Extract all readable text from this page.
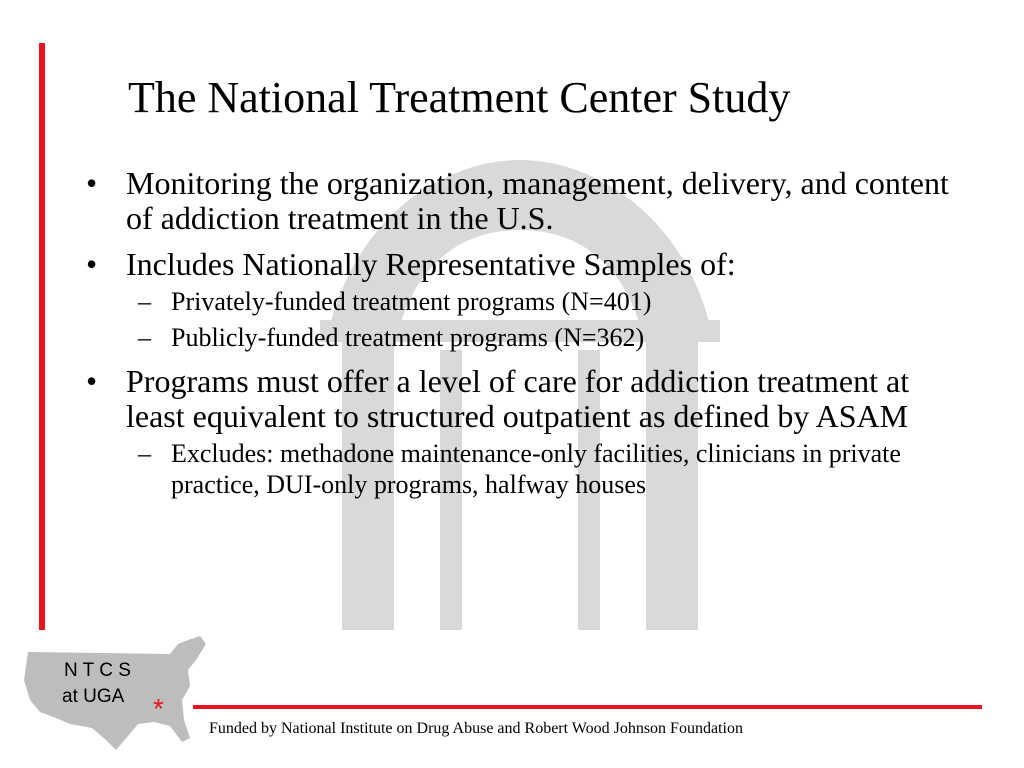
The National Treatment Center Study
• Monitoring the organization, management, delivery, and content of addiction treatment in the U.S.
• Includes Nationally Representative Samples of:
– Privately-funded treatment programs (N=401)
– Publicly-funded treatment programs (N=362)
• Programs must offer a level of care for addiction treatment at least equivalent to structured outpatient as defined by ASAM
– Excludes: methadone maintenance-only facilities, clinicians in private practice, DUI-only programs, halfway houses
N T C S
at UGA *
Funded by National Institute on Drug Abuse and Robert Wood Johnson Foundation
